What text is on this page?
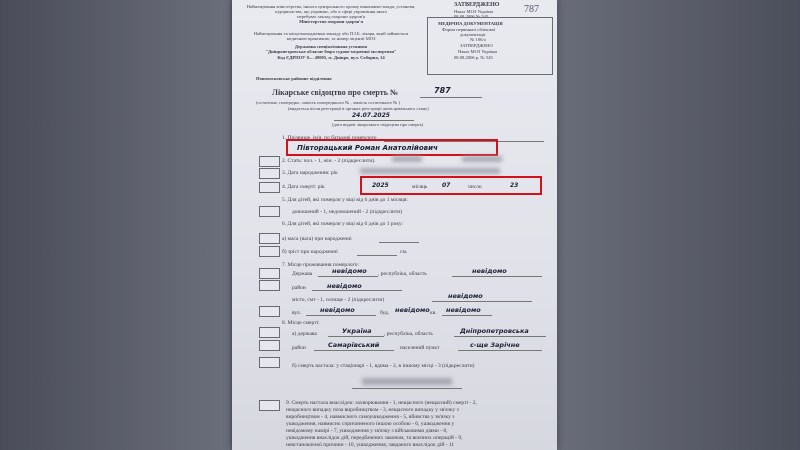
Найменування міністерства, іншого центрального органу виконавчої влади, установи,
підприємства, що управляє, або в сфері управління якого
перебуває заклад охорони здоров'я
Міністерство охорони здоров'я
Найменування та місцезнаходження закладу або П.І.Б. лікаря, який займається
медичною практикою, та номер ліцензії МОЗ
Державна спеціалізована установа
"Дніпропетровське обласне бюро судово-медичної експертизи"
Код ЄДРПОУ 0.... 49005, м. Дніпро, вул. Соборна, 14
ЗАТВЕРДЖЕНО
Наказ МОЗ України
08.08.2006 № 545
787
МЕДИЧНА ДОКУМЕНТАЦІЯ
Форма первинної облікової
документації
№ 106/о
ЗАТВЕРДЖЕНО
Наказ МОЗ України
08.08.2006 р. № 545
Новомосковське районне відділення
Лікарське свідоцтво про смерть №	787
(остаточне, попереднє, замість попереднього № , замість остаточного № )
(видається після реєстрації в органах реєстрації актів цивільного стану)
24.07.2025
(дата видачі лікарського свідоцтва про смерть)
1. Прізвище, ім'я, по батькові померлого
Півторацький Роман Анатолійович
2. Стать: чол. - 1, жін. - 2 (підкреслити).
3. Дата народження: рік
4. Дата смерті: рік	2025	місяць 07	число	23
5. Для дітей, які померли у віці від 6 днів до 1 місяця:
доношений - 1, недоношений - 2 (підкреслити)
6. Для дітей, які померли у віці від 6 днів до 1 року:
а) маса (вага) при народженні
б) зріст при народженні	см.
7. Місце проживання померлого:
Держава	невідомо , республіка, область	невідомо
район	невідомо
місто, смт - 1, селище - 2 (підкреслити)	невідомо
вул.	невідомо	буд. невідомо кв. невідомо
8. Місце смерті:
а) держава	Україна , республіка, область	Дніпропетровська
район	Самарівський	населений пункт	с-ще Зарічне
б) смерть настала: у стаціонарі - 1, вдома - 2, в іншому місці - 3 (підкреслити)
9. Смерть настала внаслідок: захворювання - 1, нещасного (нещасний) смерті - 2,
нещасного випадку поза виробництвом - 3, нещасного випадку у зв'язку з
виробництвом - 4, навмисного самоушкодження - 5, вбивства у зв'язку з
ушкодження, навмисно спричиненого іншою особою - 6, ушкодження у
невідомому намірі - 7, ушкодження у зв'язку з військовими діями - 8,
ушкодження внаслідок дій, передбачених законом, та воєнних операцій - 9,
невстановленої причини - 10, ушкодження, завданого внаслідок дій - 11
